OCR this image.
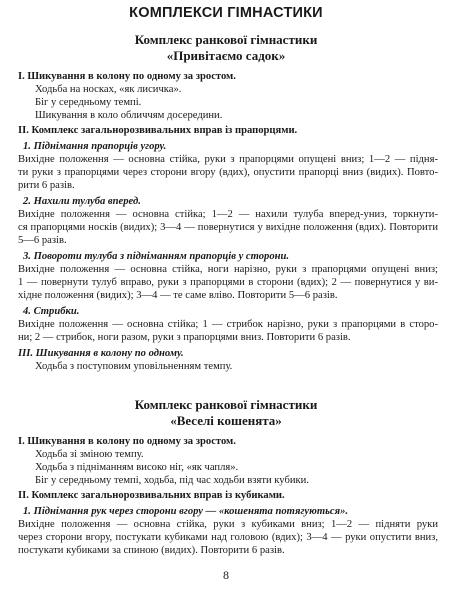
КОМПЛЕКСИ ГІМНАСТИКИ
Комплекс ранкової гімнастики
«Привітаємо садок»
I. Шикування в колону по одному за зростом.
Ходьба на носках, «як лисичка».
Біг у середньому темпі.
Шикування в коло обличчям досередини.
II. Комплекс загальнорозвивальних вправ із прапорцями.
1. Піднімання прапорців угору.
Вихідне положення — основна стійка, руки з прапорцями опущені вниз; 1—2 — підня-
ти руки з прапорцями через сторони вгору (вдих), опустити прапорці вниз (видих). Повто-
рити 6 разів.
2. Нахили тулуба вперед.
Вихідне положення — основна стійка; 1—2 — нахили тулуба вперед-униз, торкнути-
ся прапорцями носків (видих); 3—4 — повернутися у вихідне положення (вдих). Повторити
5—6 разів.
3. Повороти тулуба з підніманням прапорців у сторони.
Вихідне положення — основна стійка, ноги нарізно, руки з прапорцями опущені вниз;
1 — повернути тулуб вправо, руки з прапорцями в сторони (вдих); 2 — повернутися у ви-
хідне положення (видих); 3—4 — те саме вліво. Повторити 5—6 разів.
4. Стрибки.
Вихідне положення — основна стійка; 1 — стрибок нарізно, руки з прапорцями в сторо-
ни; 2 — стрибок, ноги разом, руки з прапорцями вниз. Повторити 6 разів.
III. Шикування в колону по одному.
Ходьба з поступовим уповільненням темпу.
Комплекс ранкової гімнастики
«Веселі кошенята»
I. Шикування в колону по одному за зростом.
Ходьба зі зміною темпу.
Ходьба з підніманням високо ніг, «як чапля».
Біг у середньому темпі, ходьба, під час ходьби взяти кубики.
II. Комплекс загальнорозвивальних вправ із кубиками.
1. Піднімання рук через сторони вгору — «кошенята потягуються».
Вихідне положення — основна стійка, руки з кубиками вниз; 1—2 — підняти руки
через сторони вгору, постукати кубиками над головою (вдих); 3—4 — руки опустити вниз,
постукати кубиками за спиною (видих). Повторити 6 разів.
8
